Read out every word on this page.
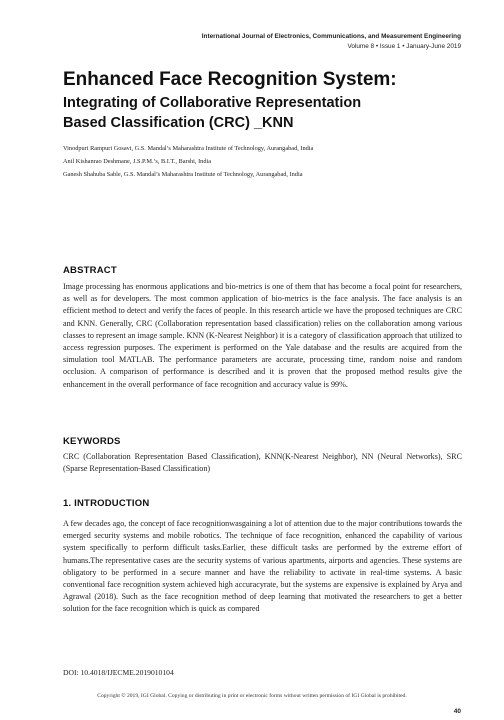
International Journal of Electronics, Communications, and Measurement Engineering
Volume 8 • Issue 1 • January-June 2019
Enhanced Face Recognition System:
Integrating of Collaborative Representation
Based Classification (CRC) _KNN
Vinodpuri Rampuri Gosavi, G.S. Mandal’s Maharashtra Institute of Technology, Aurangabad, India
Anil Kishanrao Deshmane, J.S.P.M.’s, B.I.T., Barshi, India
Ganesh Shahuba Sable, G.S. Mandal’s Maharashtra Institute of Technology, Aurangabad, India
ABSTRACT
Image processing has enormous applications and bio-metrics is one of them that has become a focal point for researchers, as well as for developers. The most common application of bio-metrics is the face analysis. The face analysis is an efficient method to detect and verify the faces of people. In this research article we have the proposed techniques are CRC and KNN. Generally, CRC (Collaboration representation based classification) relies on the collaboration among various classes to represent an image sample. KNN (K-Nearest Neighbor) it is a category of classification approach that utilized to access regression purposes. The experiment is performed on the Yale database and the results are acquired from the simulation tool MATLAB. The performance parameters are accurate, processing time, random noise and random occlusion. A comparison of performance is described and it is proven that the proposed method results give the enhancement in the overall performance of face recognition and accuracy value is 99%.
KEYWORDS
CRC (Collaboration Representation Based Classification), KNN(K-Nearest Neighbor), NN (Neural Networks), SRC (Sparse Representation-Based Classification)
1. INTRODUCTION
A few decades ago, the concept of face recognitionwasgaining a lot of attention due to the major contributions towards the emerged security systems and mobile robotics. The technique of face recognition, enhanced the capability of various system specifically to perform difficult tasks.Earlier, these difficult tasks are performed by the extreme effort of humans.The representative cases are the security systems of various apartments, airports and agencies. These systems are obligatory to be performed in a secure manner and have the reliability to activate in real-time systems. A basic conventional face recognition system achieved high accuracyrate, but the systems are expensive is explained by Arya and Agrawal (2018). Such as the face recognition method of deep learning that motivated the researchers to get a better solution for the face recognition which is quick as compared
DOI: 10.4018/IJECME.2019010104
Copyright © 2019, IGI Global. Copying or distributing in print or electronic forms without written permission of IGI Global is prohibited.
40
